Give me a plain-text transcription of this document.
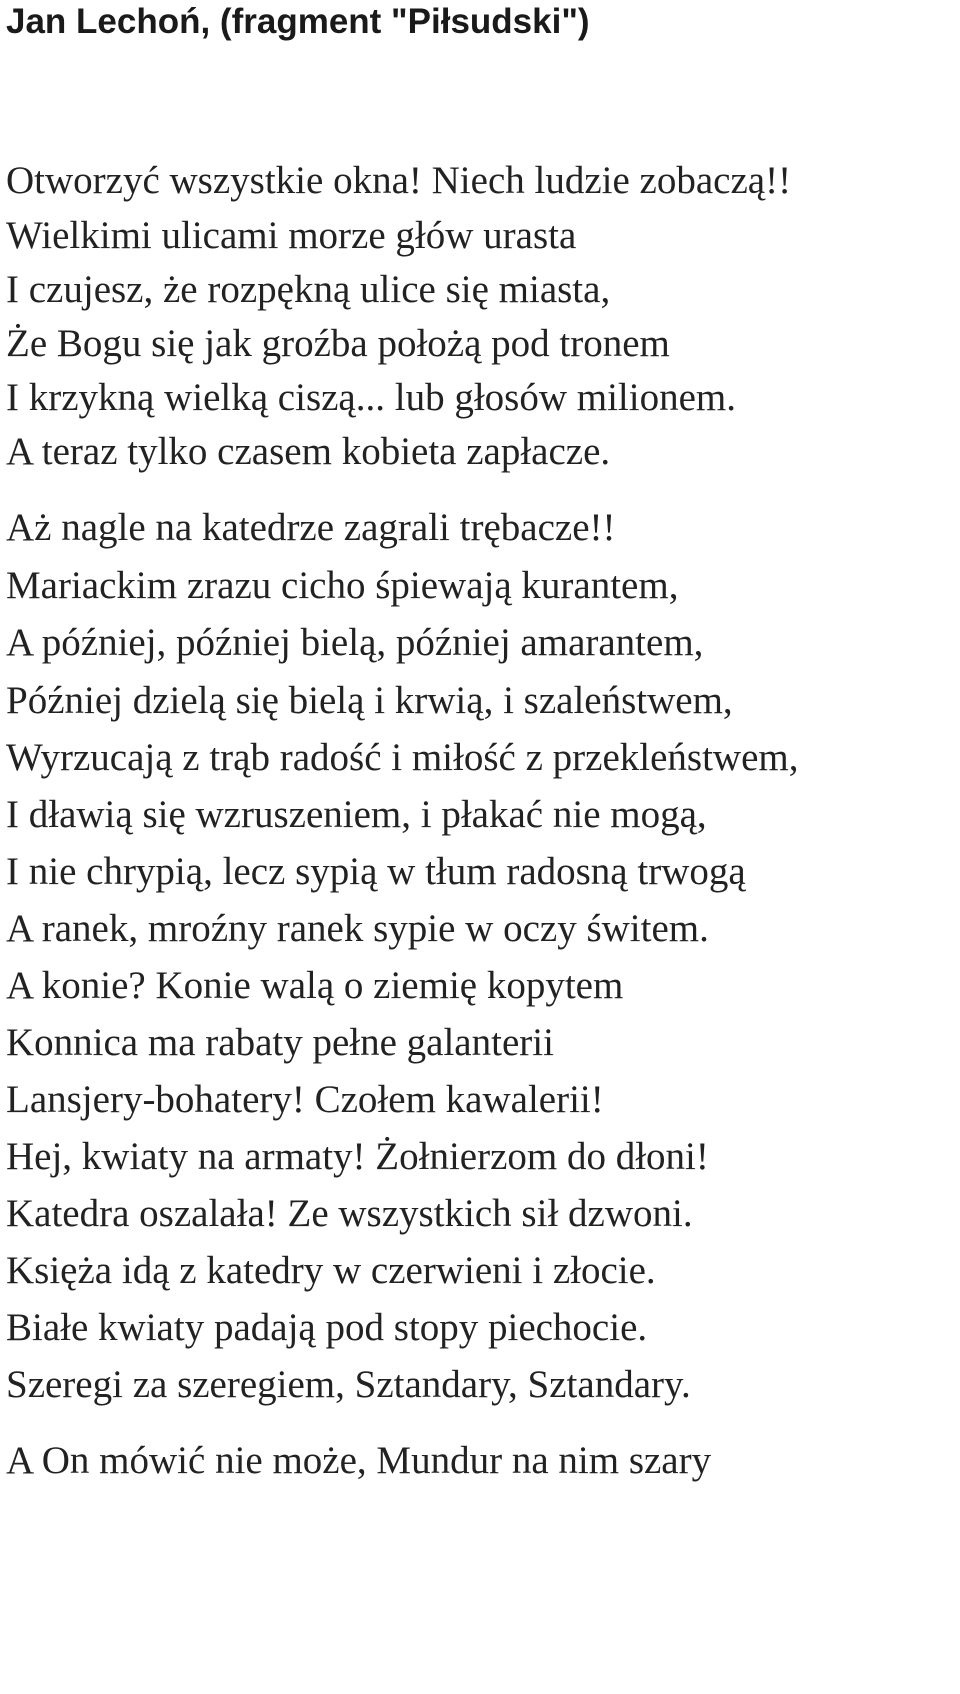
Jan Lechoń, (fragment "Piłsudski")

Otworzyć wszystkie okna! Niech ludzie zobaczą!!

Wielkimi ulicami morze głów urasta

I czujesz, że rozpękną ulice się miasta,

Że Bogu się jak groźba położą pod tronem

I krzykną wielką ciszą... lub głosów milionem.

A teraz tylko czasem kobieta zapłacze.

Aż nagle na katedrze zagrali trębacze!!

Mariackim zrazu cicho śpiewają kurantem,

A później, później bielą, później amarantem,

Później dzielą się bielą i krwią, i szaleństwem,

Wyrzucają z trąb radość i miłość z przekleństwem,

I dławią się wzruszeniem, i płakać nie mogą,

I nie chrypią, lecz sypią w tłum radosną trwogą

A ranek, mroźny ranek sypie w oczy świtem.

A konie? Konie walą o ziemię kopytem

Konnica ma rabaty pełne galanterii

Lansjery-bohatery! Czołem kawalerii!

Hej, kwiaty na armaty! Żołnierzom do dłoni!

Katedra oszalała! Ze wszystkich sił dzwoni.

Księża idą z katedry w czerwieni i złocie.

Białe kwiaty padają pod stopy piechocie.

Szeregi za szeregiem, Sztandary, Sztandary.

A On mówić nie może, Mundur na nim szary
